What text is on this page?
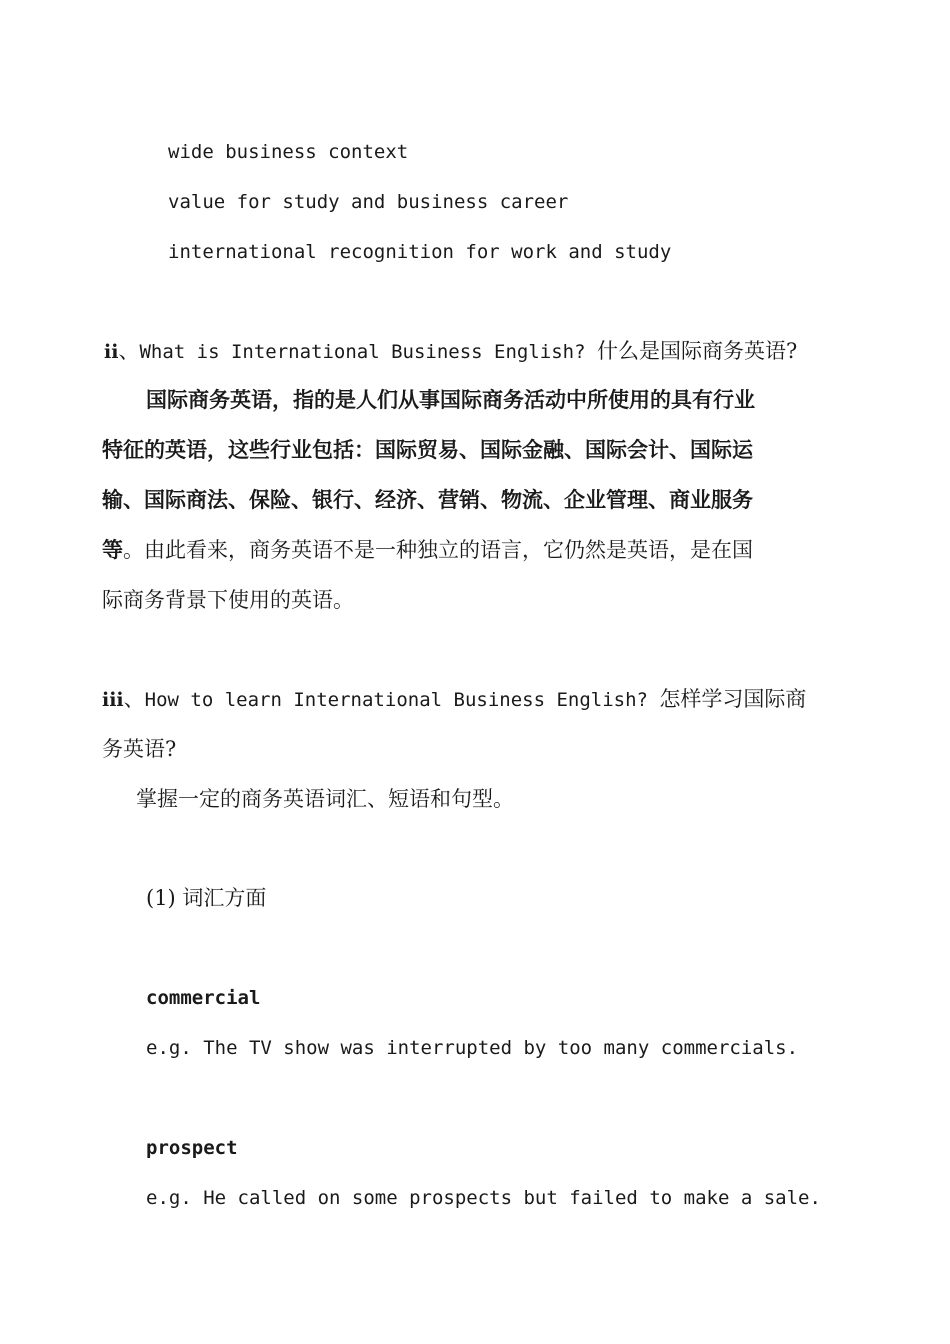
wide business context
value for study and business career
international recognition for work and study
ii、What is International Business English? 什么是国际商务英语?
国际商务英语，指的是人们从事国际商务活动中所使用的具有行业
特征的英语，这些行业包括：国际贸易、国际金融、国际会计、国际运
输、国际商法、保险、银行、经济、营销、物流、企业管理、商业服务
等。由此看来，商务英语不是一种独立的语言，它仍然是英语，是在国
际商务背景下使用的英语。
iii、How to learn International Business English? 怎样学习国际商
务英语?
掌握一定的商务英语词汇、短语和句型。
(1) 词汇方面
commercial
e.g. The TV show was interrupted by too many commercials.
prospect
e.g. He called on some prospects but failed to make a sale.
